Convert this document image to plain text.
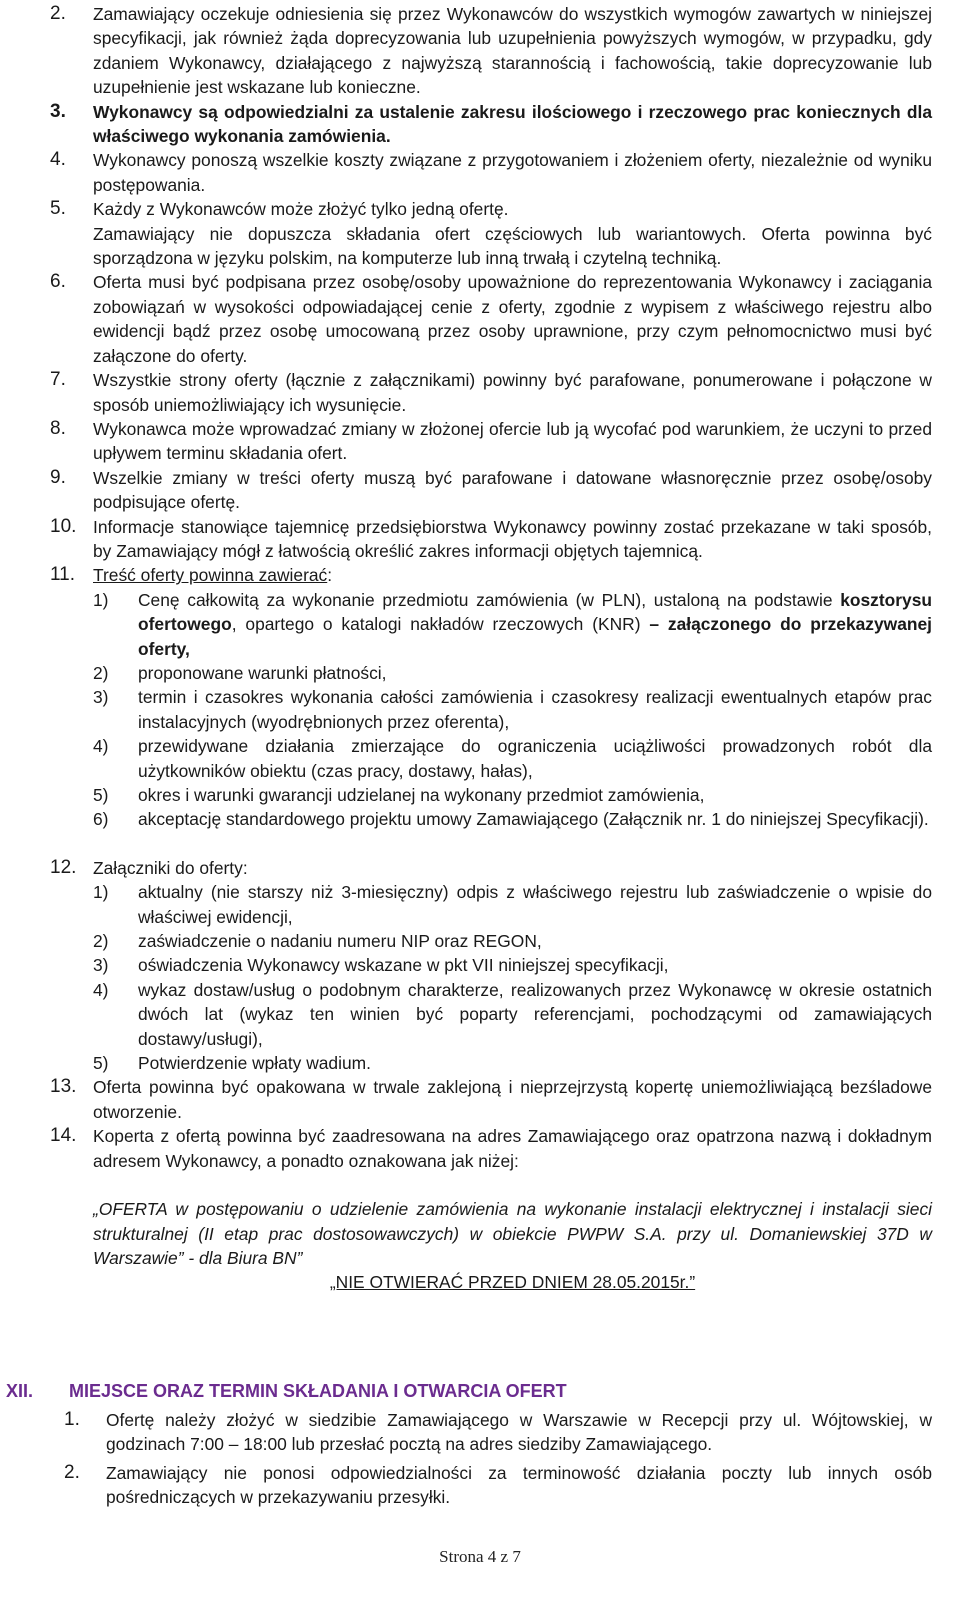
2. Zamawiający oczekuje odniesienia się przez Wykonawców do wszystkich wymogów zawartych w niniejszej specyfikacji, jak również żąda doprecyzowania lub uzupełnienia powyższych wymogów, w przypadku, gdy zdaniem Wykonawcy, działającego z najwyższą starannością i fachowością, takie doprecyzowanie lub uzupełnienie jest wskazane lub konieczne.

3. Wykonawcy są odpowiedzialni za ustalenie zakresu ilościowego i rzeczowego prac koniecznych dla właściwego wykonania zamówienia.

4. Wykonawcy ponoszą wszelkie koszty związane z przygotowaniem i złożeniem oferty, niezależnie od wyniku postępowania.

5. Każdy z Wykonawców może złożyć tylko jedną ofertę.

Zamawiający nie dopuszcza składania ofert częściowych lub wariantowych. Oferta powinna być sporządzona w języku polskim, na komputerze lub inną trwałą i czytelną techniką.

6. Oferta musi być podpisana przez osobę/osoby upoważnione do reprezentowania Wykonawcy i zaciągania zobowiązań w wysokości odpowiadającej cenie z oferty, zgodnie z wypisem z właściwego rejestru albo ewidencji bądź przez osobę umocowaną przez osoby uprawnione, przy czym pełnomocnictwo musi być załączone do oferty.

7. Wszystkie strony oferty (łącznie z załącznikami) powinny być parafowane, ponumerowane i połączone w sposób uniemożliwiający ich wysunięcie.

8. Wykonawca może wprowadzać zmiany w złożonej ofercie lub ją wycofać pod warunkiem, że uczyni to przed upływem terminu składania ofert.

9. Wszelkie zmiany w treści oferty muszą być parafowane i datowane własnoręcznie przez osobę/osoby podpisujące ofertę.

10. Informacje stanowiące tajemnicę przedsiębiorstwa Wykonawcy powinny zostać przekazane w taki sposób, by Zamawiający mógł z łatwością określić zakres informacji objętych tajemnicą.

11. Treść oferty powinna zawierać:

1) Cenę całkowitą za wykonanie przedmiotu zamówienia (w PLN), ustaloną na podstawie kosztorysu ofertowego, opartego o katalogi nakładów rzeczowych (KNR) – załączonego do przekazywanej oferty,
2) proponowane warunki płatności,
3) termin i czasokres wykonania całości zamówienia i czasokresy realizacji ewentualnych etapów prac instalacyjnych (wyodrębnionych przez oferenta),
4) przewidywane działania zmierzające do ograniczenia uciążliwości prowadzonych robót dla użytkowników obiektu (czas pracy, dostawy, hałas),
5) okres i warunki gwarancji udzielanej na wykonany przedmiot zamówienia,
6) akceptację standardowego projektu umowy Zamawiającego (Załącznik nr. 1 do niniejszej Specyfikacji).
12. Załączniki do oferty:

1) aktualny (nie starszy niż 3-miesięczny) odpis z właściwego rejestru lub zaświadczenie o wpisie do właściwej ewidencji,
2) zaświadczenie o nadaniu numeru NIP oraz REGON,
3) oświadczenia Wykonawcy wskazane w pkt VII niniejszej specyfikacji,
4) wykaz dostaw/usług o podobnym charakterze, realizowanych przez Wykonawcę w okresie ostatnich dwóch lat (wykaz ten winien być poparty referencjami, pochodzącymi od zamawiających dostawy/usługi),
5) Potwierdzenie wpłaty wadium.
13. Oferta powinna być opakowana w trwale zaklejoną i nieprzejrzystą kopertę uniemożliwiającą bezśladowe otworzenie.

14. Koperta z ofertą powinna być zaadresowana na adres Zamawiającego oraz opatrzona nazwą i dokładnym adresem Wykonawcy, a ponadto oznakowana jak niżej:

„OFERTA w postępowaniu o udzielenie zamówienia na wykonanie instalacji elektrycznej i instalacji sieci strukturalnej (II etap prac dostosowawczych) w obiekcie PWPW S.A. przy ul. Domaniewskiej 37D w Warszawie” - dla Biura BN”

„NIE OTWIERAĆ PRZED DNIEM 28.05.2015r.”

XII. MIEJSCE ORAZ TERMIN SKŁADANIA I OTWARCIA OFERT
1. Ofertę należy złożyć w siedzibie Zamawiającego w Warszawie w Recepcji przy ul. Wójtowskiej, w godzinach 7:00 – 18:00 lub przesłać pocztą na adres siedziby Zamawiającego.

2. Zamawiający nie ponosi odpowiedzialności za terminowość działania poczty lub innych osób pośredniczących w przekazywaniu przesyłki.

Strona 4 z 7
